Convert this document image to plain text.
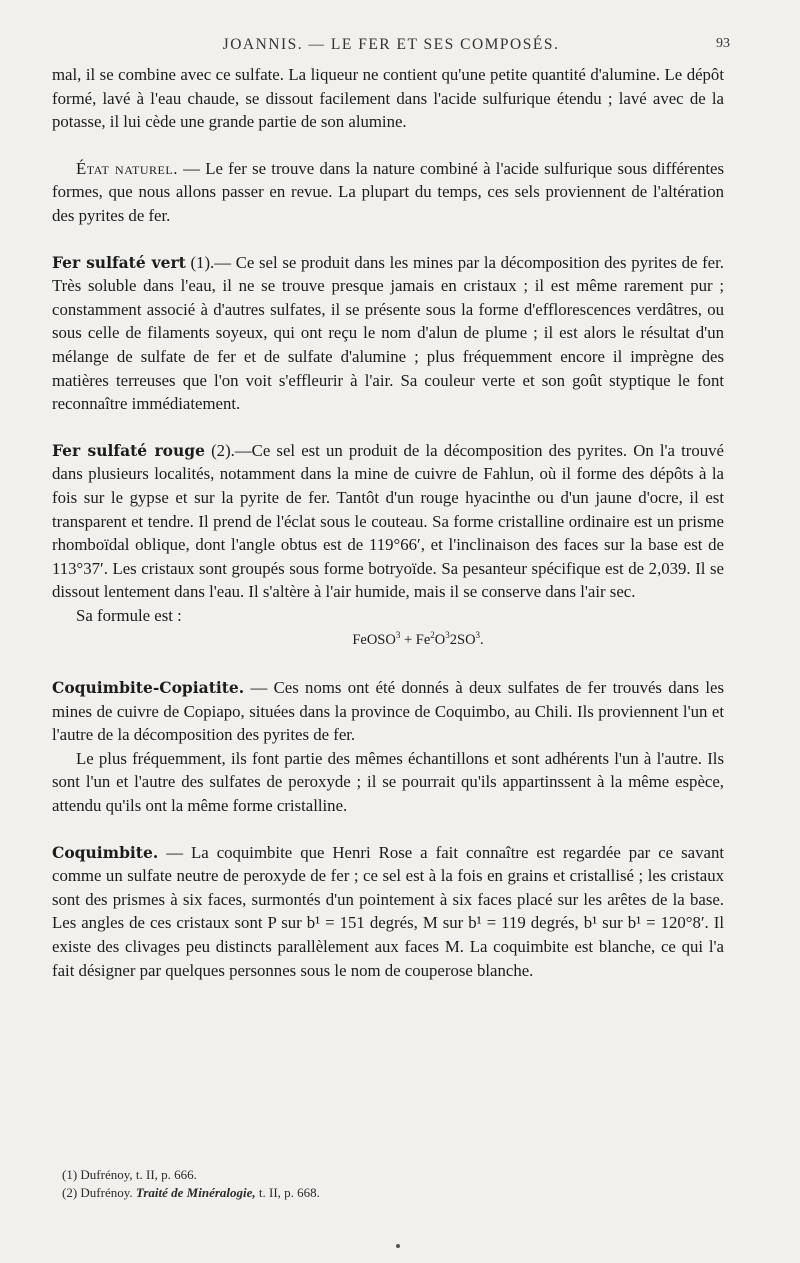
JOANNIS. — LE FER ET SES COMPOSÉS.	93

mal, il se combine avec ce sulfate. La liqueur ne contient qu'une petite quantité d'alumine. Le dépôt formé, lavé à l'eau chaude, se dissout facilement dans l'acide sulfurique étendu ; lavé avec de la potasse, il lui cède une grande partie de son alumine.

État naturel. — Le fer se trouve dans la nature combiné à l'acide sulfurique sous différentes formes, que nous allons passer en revue. La plupart du temps, ces sels proviennent de l'altération des pyrites de fer.

Fer sulfaté vert (1).— Ce sel se produit dans les mines par la décomposition des pyrites de fer. Très soluble dans l'eau, il ne se trouve presque jamais en cristaux ; il est même rarement pur ; constamment associé à d'autres sulfates, il se présente sous la forme d'efflorescences verdâtres, ou sous celle de filaments soyeux, qui ont reçu le nom d'alun de plume ; il est alors le résultat d'un mélange de sulfate de fer et de sulfate d'alumine ; plus fréquemment encore il imprègne des matières terreuses que l'on voit s'effleurir à l'air. Sa couleur verte et son goût styptique le font reconnaître immédiatement.

Fer sulfaté rouge (2).—Ce sel est un produit de la décomposition des pyrites. On l'a trouvé dans plusieurs localités, notamment dans la mine de cuivre de Fahlun, où il forme des dépôts à la fois sur le gypse et sur la pyrite de fer. Tantôt d'un rouge hyacinthe ou d'un jaune d'ocre, il est transparent et tendre. Il prend de l'éclat sous le couteau. Sa forme cristalline ordinaire est un prisme rhomboïdal oblique, dont l'angle obtus est de 119°66′, et l'inclinaison des faces sur la base est de 113°37′. Les cristaux sont groupés sous forme botryoïde. Sa pesanteur spécifique est de 2,039. Il se dissout lentement dans l'eau. Il s'altère à l'air humide, mais il se conserve dans l'air sec.

Sa formule est :

FeOSO$^3$ + $Fe^2O^32SO^3$.

Coquimbite-Copiatite. — Ces noms ont été donnés à deux sulfates de fer trouvés dans les mines de cuivre de Copiapo, situées dans la province de Coquimbo, au Chili. Ils proviennent l'un et l'autre de la décomposition des pyrites de fer.

Le plus fréquemment, ils font partie des mêmes échantillons et sont adhérents l'un à l'autre. Ils sont l'un et l'autre des sulfates de peroxyde ; il se pourrait qu'ils appartinssent à la même espèce, attendu qu'ils ont la même forme cristalline.

Coquimbite. — La coquimbite que Henri Rose a fait connaître est regardée par ce savant comme un sulfate neutre de peroxyde de fer ; ce sel est à la fois en grains et cristallisé ; les cristaux sont des prismes à six faces, surmontés d'un pointement à six faces placé sur les arêtes de la base. Les angles de ces cristaux sont P sur b¹ = 151 degrés, M sur b¹ = 119 degrés, b¹ sur b¹ = 120°8′. Il existe des clivages peu distincts parallèlement aux faces M. La coquimbite est blanche, ce qui l'a fait désigner par quelques personnes sous le nom de couperose blanche.

(1) Dufrénoy, t. II, p. 666.

(2) Dufrénoy. Traité de Minéralogie, t. II, p. 668.
